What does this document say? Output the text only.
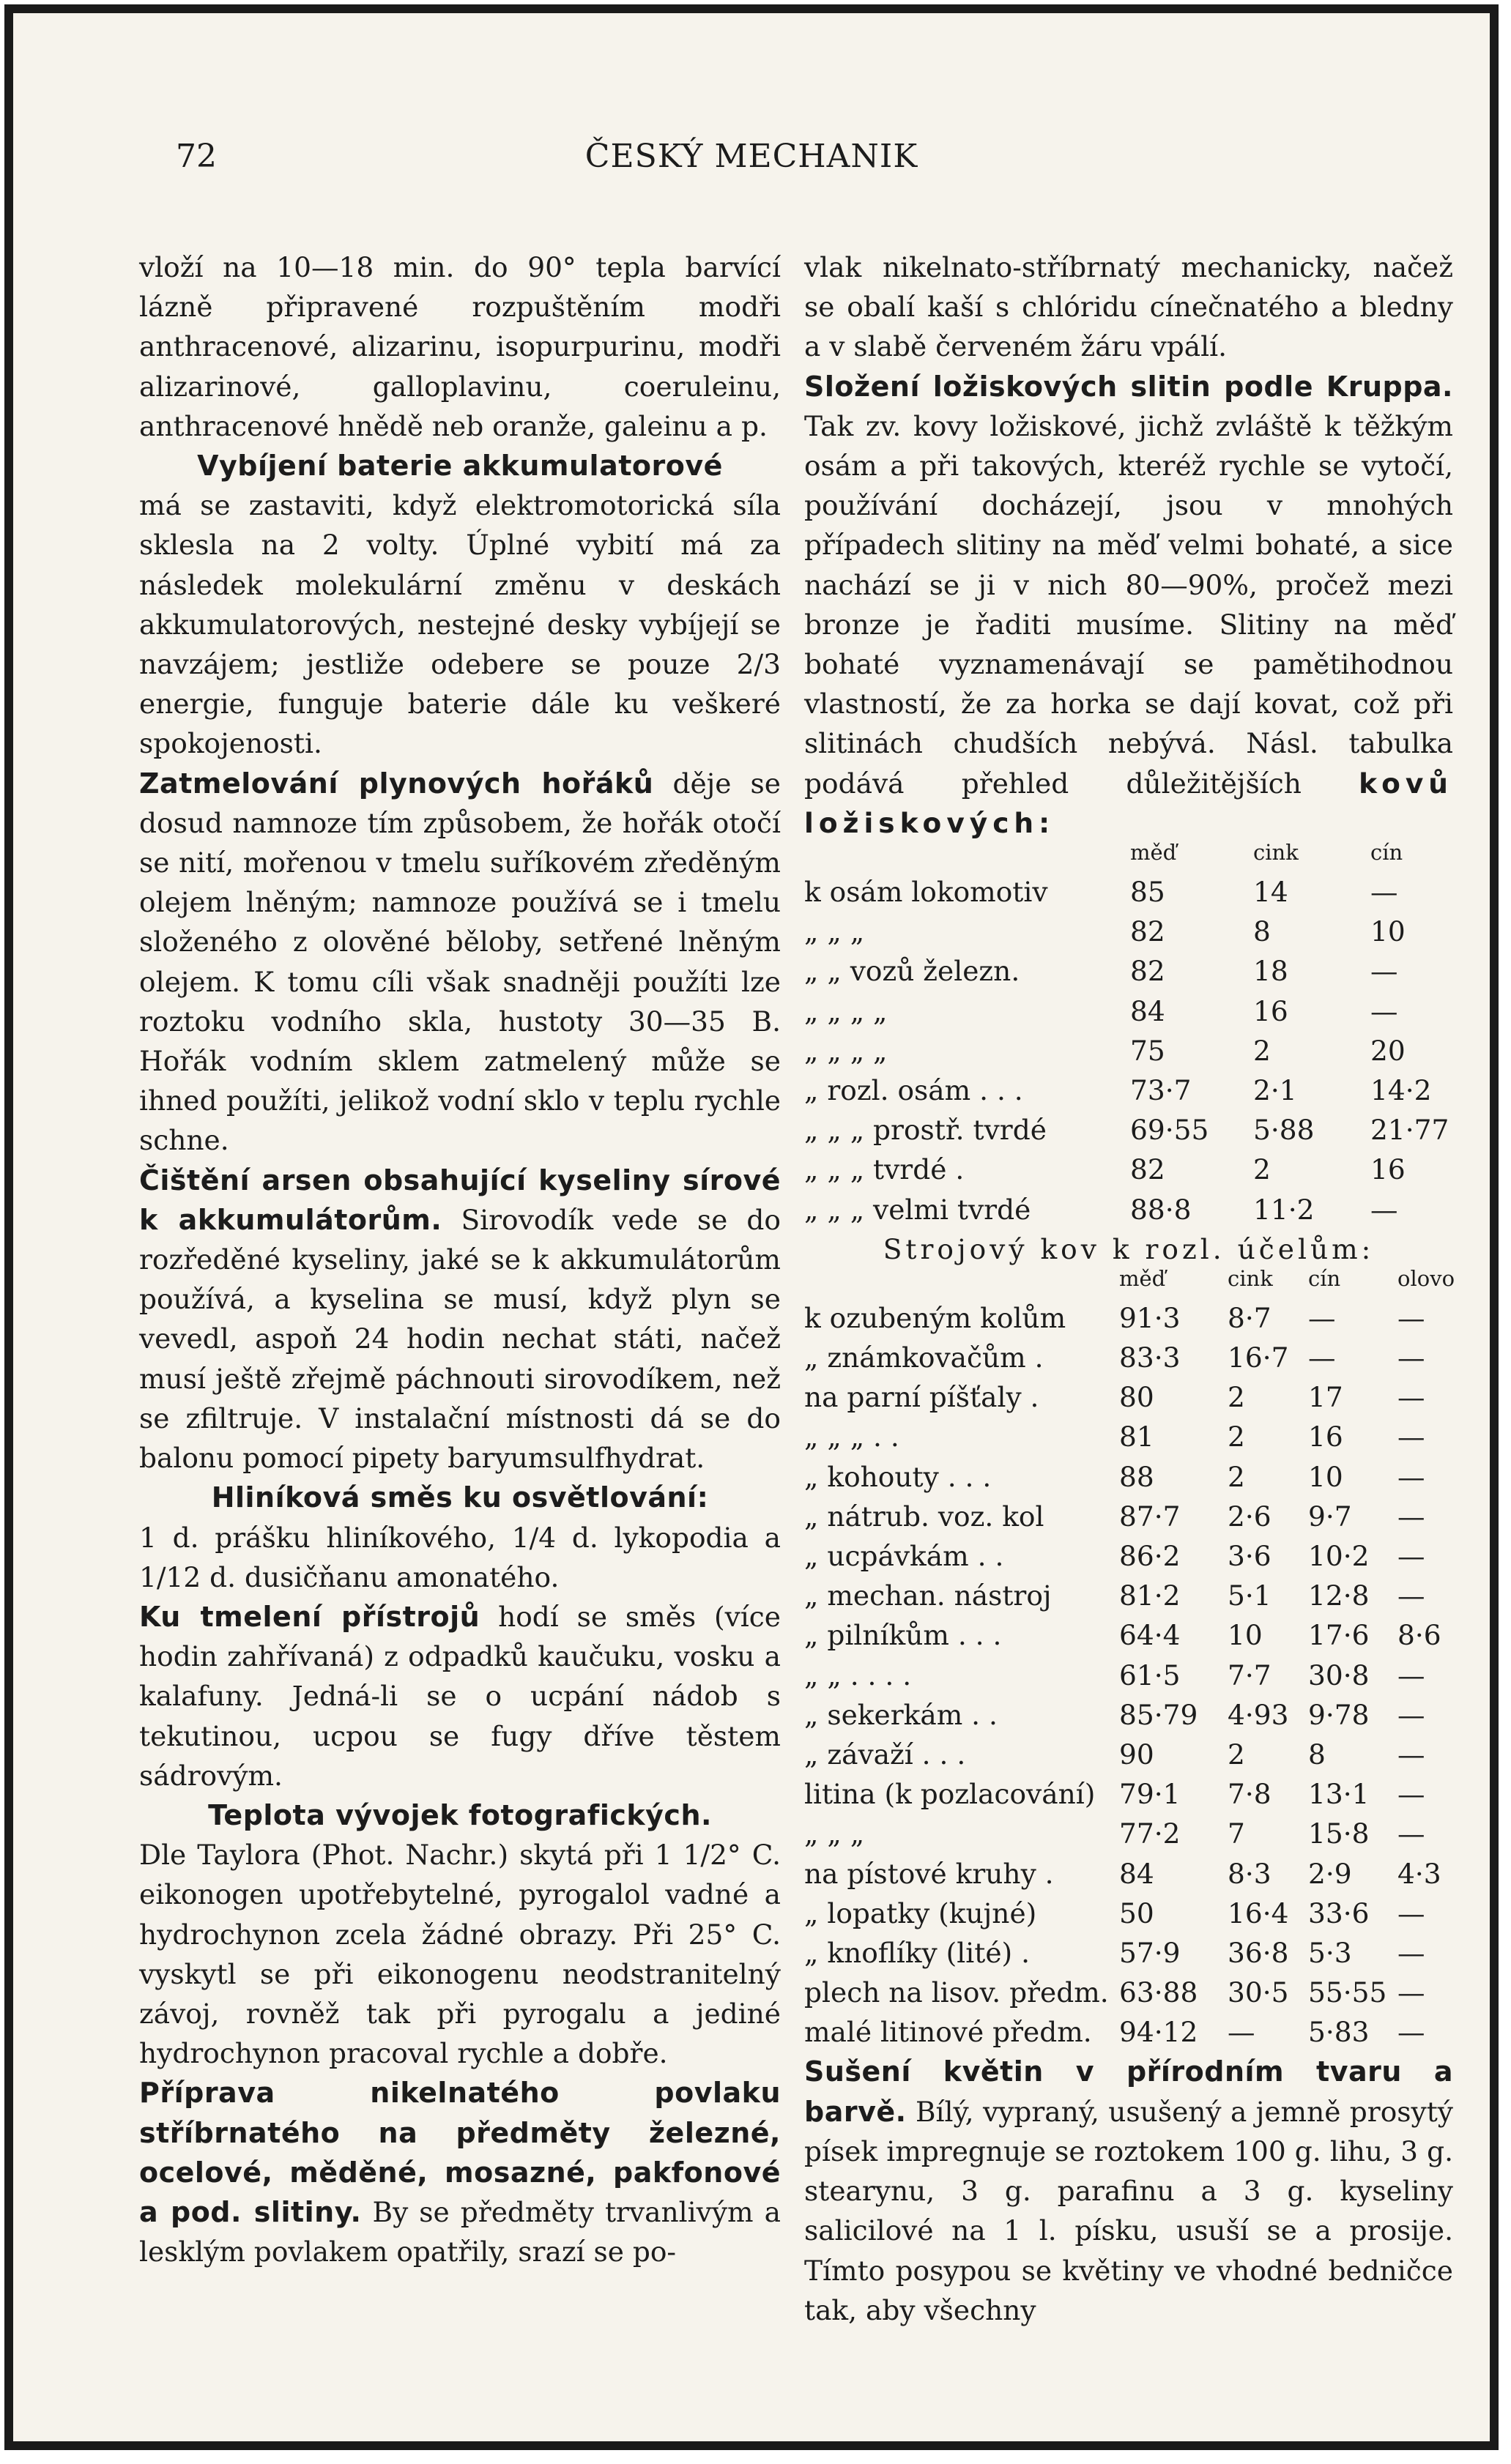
72	ČESKÝ MECHANIK

vloží na 10—18 min. do 90° tepla barvící lázně připravené rozpuštěním modři anthracenové, alizarinu, isopurpurinu, modři alizarinové, galloplavinu, coeruleinu, anthracenové hnědě neb oranže, galeinu a p.

Vybíjení baterie akkumulatorové

má se zastaviti, když elektromotorická síla sklesla na 2 volty. Úplné vybití má za následek molekulární změnu v deskách akkumulatorových, nestejné desky vybíjejí se navzájem; jestliže odebere se pouze 2/3 energie, funguje baterie dále ku veškeré spokojenosti.

Zatmelování plynových hořáků děje se dosud namnoze tím způsobem, že hořák otočí se nití, mořenou v tmelu suříkovém zředěným olejem lněným; namnoze používá se i tmelu složeného z olověné běloby, setřené lněným olejem. K tomu cíli však snadněji použíti lze roztoku vodního skla, hustoty 30—35 B. Hořák vodním sklem zatmelený může se ihned použíti, jelikož vodní sklo v teplu rychle schne.

Čištění arsen obsahující kyseliny sírové k akkumulátorům. Sirovodík vede se do rozředěné kyseliny, jaké se k akkumulátorům používá, a kyselina se musí, když plyn se vevedl, aspoň 24 hodin nechat státi, načež musí ještě zřejmě páchnouti sirovodíkem, než se zfiltruje. V instalační místnosti dá se do balonu pomocí pipety baryumsulfhydrat.

Hliníková směs ku osvětlování:

1 d. prášku hliníkového, 1/4 d. lykopodia a 1/12 d. dusičňanu amonatého.

Ku tmelení přístrojů hodí se směs (více hodin zahřívaná) z odpadků kaučuku, vosku a kalafuny. Jedná-li se o ucpání nádob s tekutinou, ucpou se fugy dříve těstem sádrovým.

Teplota vývojek fotografických.

Dle Taylora (Phot. Nachr.) skytá při 1 1/2° C. eikonogen upotřebytelné, pyrogalol vadné a hydrochynon zcela žádné obrazy. Při 25° C. vyskytl se při eikonogenu neodstranitelný závoj, rovněž tak při pyrogalu a jediné hydrochynon pracoval rychle a dobře.

Příprava nikelnatého povlaku stříbrnatého na předměty železné, ocelové, měděné, mosazné, pakfonové a pod. slitiny. By se předměty trvanlivým a lesklým povlakem opatřily, srazí se po-

vlak nikelnato-stříbrnatý mechanicky, načež se obalí kaší s chlóridu cínečnatého a bledny a v slabě červeném žáru vpálí.

Složení ložiskových slitin podle Kruppa. Tak zv. kovy ložiskové, jichž zvláště k těžkým osám a při takových, kteréž rychle se vytočí, používání docházejí, jsou v mnohých případech slitiny na měď velmi bohaté, a sice nachází se ji v nich 80—90%, pročež mezi bronze je řaditi musíme. Slitiny na měď bohaté vyznamenávají se pamětihodnou vlastností, že za horka se dají kovat, což při slitinách chudších nebývá. Násl. tabulka podává přehled důležitějších kovů ložiskových:

měď	cink	cín
k osám lokomotiv	85	14	—
„ „ „	82	8	10
„ „ vozů železn.	82	18	—
„ „ „ „	84	16	—
„ „ „ „	75	2	20
„ rozl. osám . . .	73·7	2·1	14·2
„ „ „ prostř. tvrdé	69·55	5·88	21·77
„ „ „ tvrdé .	82	2	16
„ „ „ velmi tvrdé	88·8	11·2	—
Strojový kov k rozl. účelům:
měď	cink	cín	olovo
k ozubeným kolům	91·3	8·7	—	—
„ známkovačům .	83·3	16·7 —	—
na parní píšťaly .	80	2	17	—
„ „ „ . .	81	2	16	—
„ kohouty . . .	88	2	10	—
„ nátrub. voz. kol	87·7	2·6	9·7	—
„ ucpávkám . .	86·2	3·6	10·2	—
„ mechan. nástroj	81·2	5·1	12·8	—
„ pilníkům . . .	64·4	10	17·6	8·6
„ „ . . . .	61·5	7·7	30·8	—
„ sekerkám . .	85·79	4·93 9·78	—
„ závaží . . .	90	2	8	—
litina (k pozlacování) 79·1	7·8	13·1	—
„ „ „	77·2	7	15·8	—
na pístové kruhy .	84	8·3	2·9	4·3
„ lopatky (kujné)	50	16·4 33·6	—
„ knoflíky (lité) .	57·9	36·8 5·3	—
plech na lisov. předm. 63·88	30·5 55·55 —
malé litinové předm. 94·12	—	5·83	—

Sušení květin v přírodním tvaru a barvě. Bílý, vypraný, usušený a jemně prosytý písek impregnuje se roztokem 100 g. lihu, 3 g. stearynu, 3 g. parafinu a 3 g. kyseliny salicilové na 1 l. písku, usuší se a prosije. Tímto posypou se květiny ve vhodné bedničce tak, aby všechny
